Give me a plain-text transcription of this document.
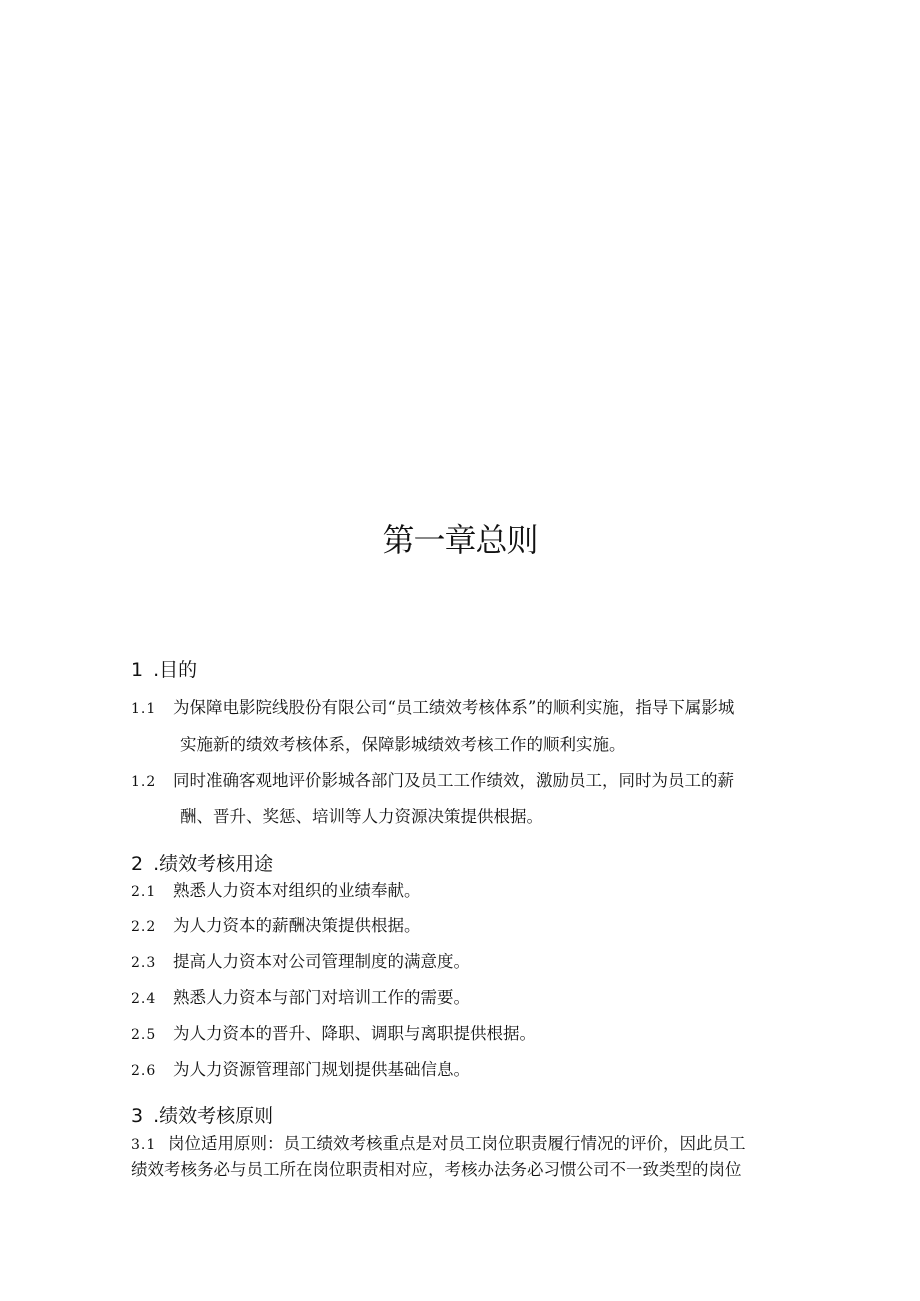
第一章总则
1 .目的
1.1 为保障电影院线股份有限公司“员工绩效考核体系”的顺利实施，指导下属影城
实施新的绩效考核体系，保障影城绩效考核工作的顺利实施。
1.2 同时准确客观地评价影城各部门及员工工作绩效，激励员工，同时为员工的薪
酬、晋升、奖惩、培训等人力资源决策提供根据。
2 .绩效考核用途
2.1 熟悉人力资本对组织的业绩奉献。
2.2 为人力资本的薪酬决策提供根据。
2.3 提高人力资本对公司管理制度的满意度。
2.4 熟悉人力资本与部门对培训工作的需要。
2.5 为人力资本的晋升、降职、调职与离职提供根据。
2.6 为人力资源管理部门规划提供基础信息。
3 .绩效考核原则
3.1 岗位适用原则：员工绩效考核重点是对员工岗位职责履行情况的评价，因此员工
绩效考核务必与员工所在岗位职责相对应，考核办法务必习惯公司不一致类型的岗位
